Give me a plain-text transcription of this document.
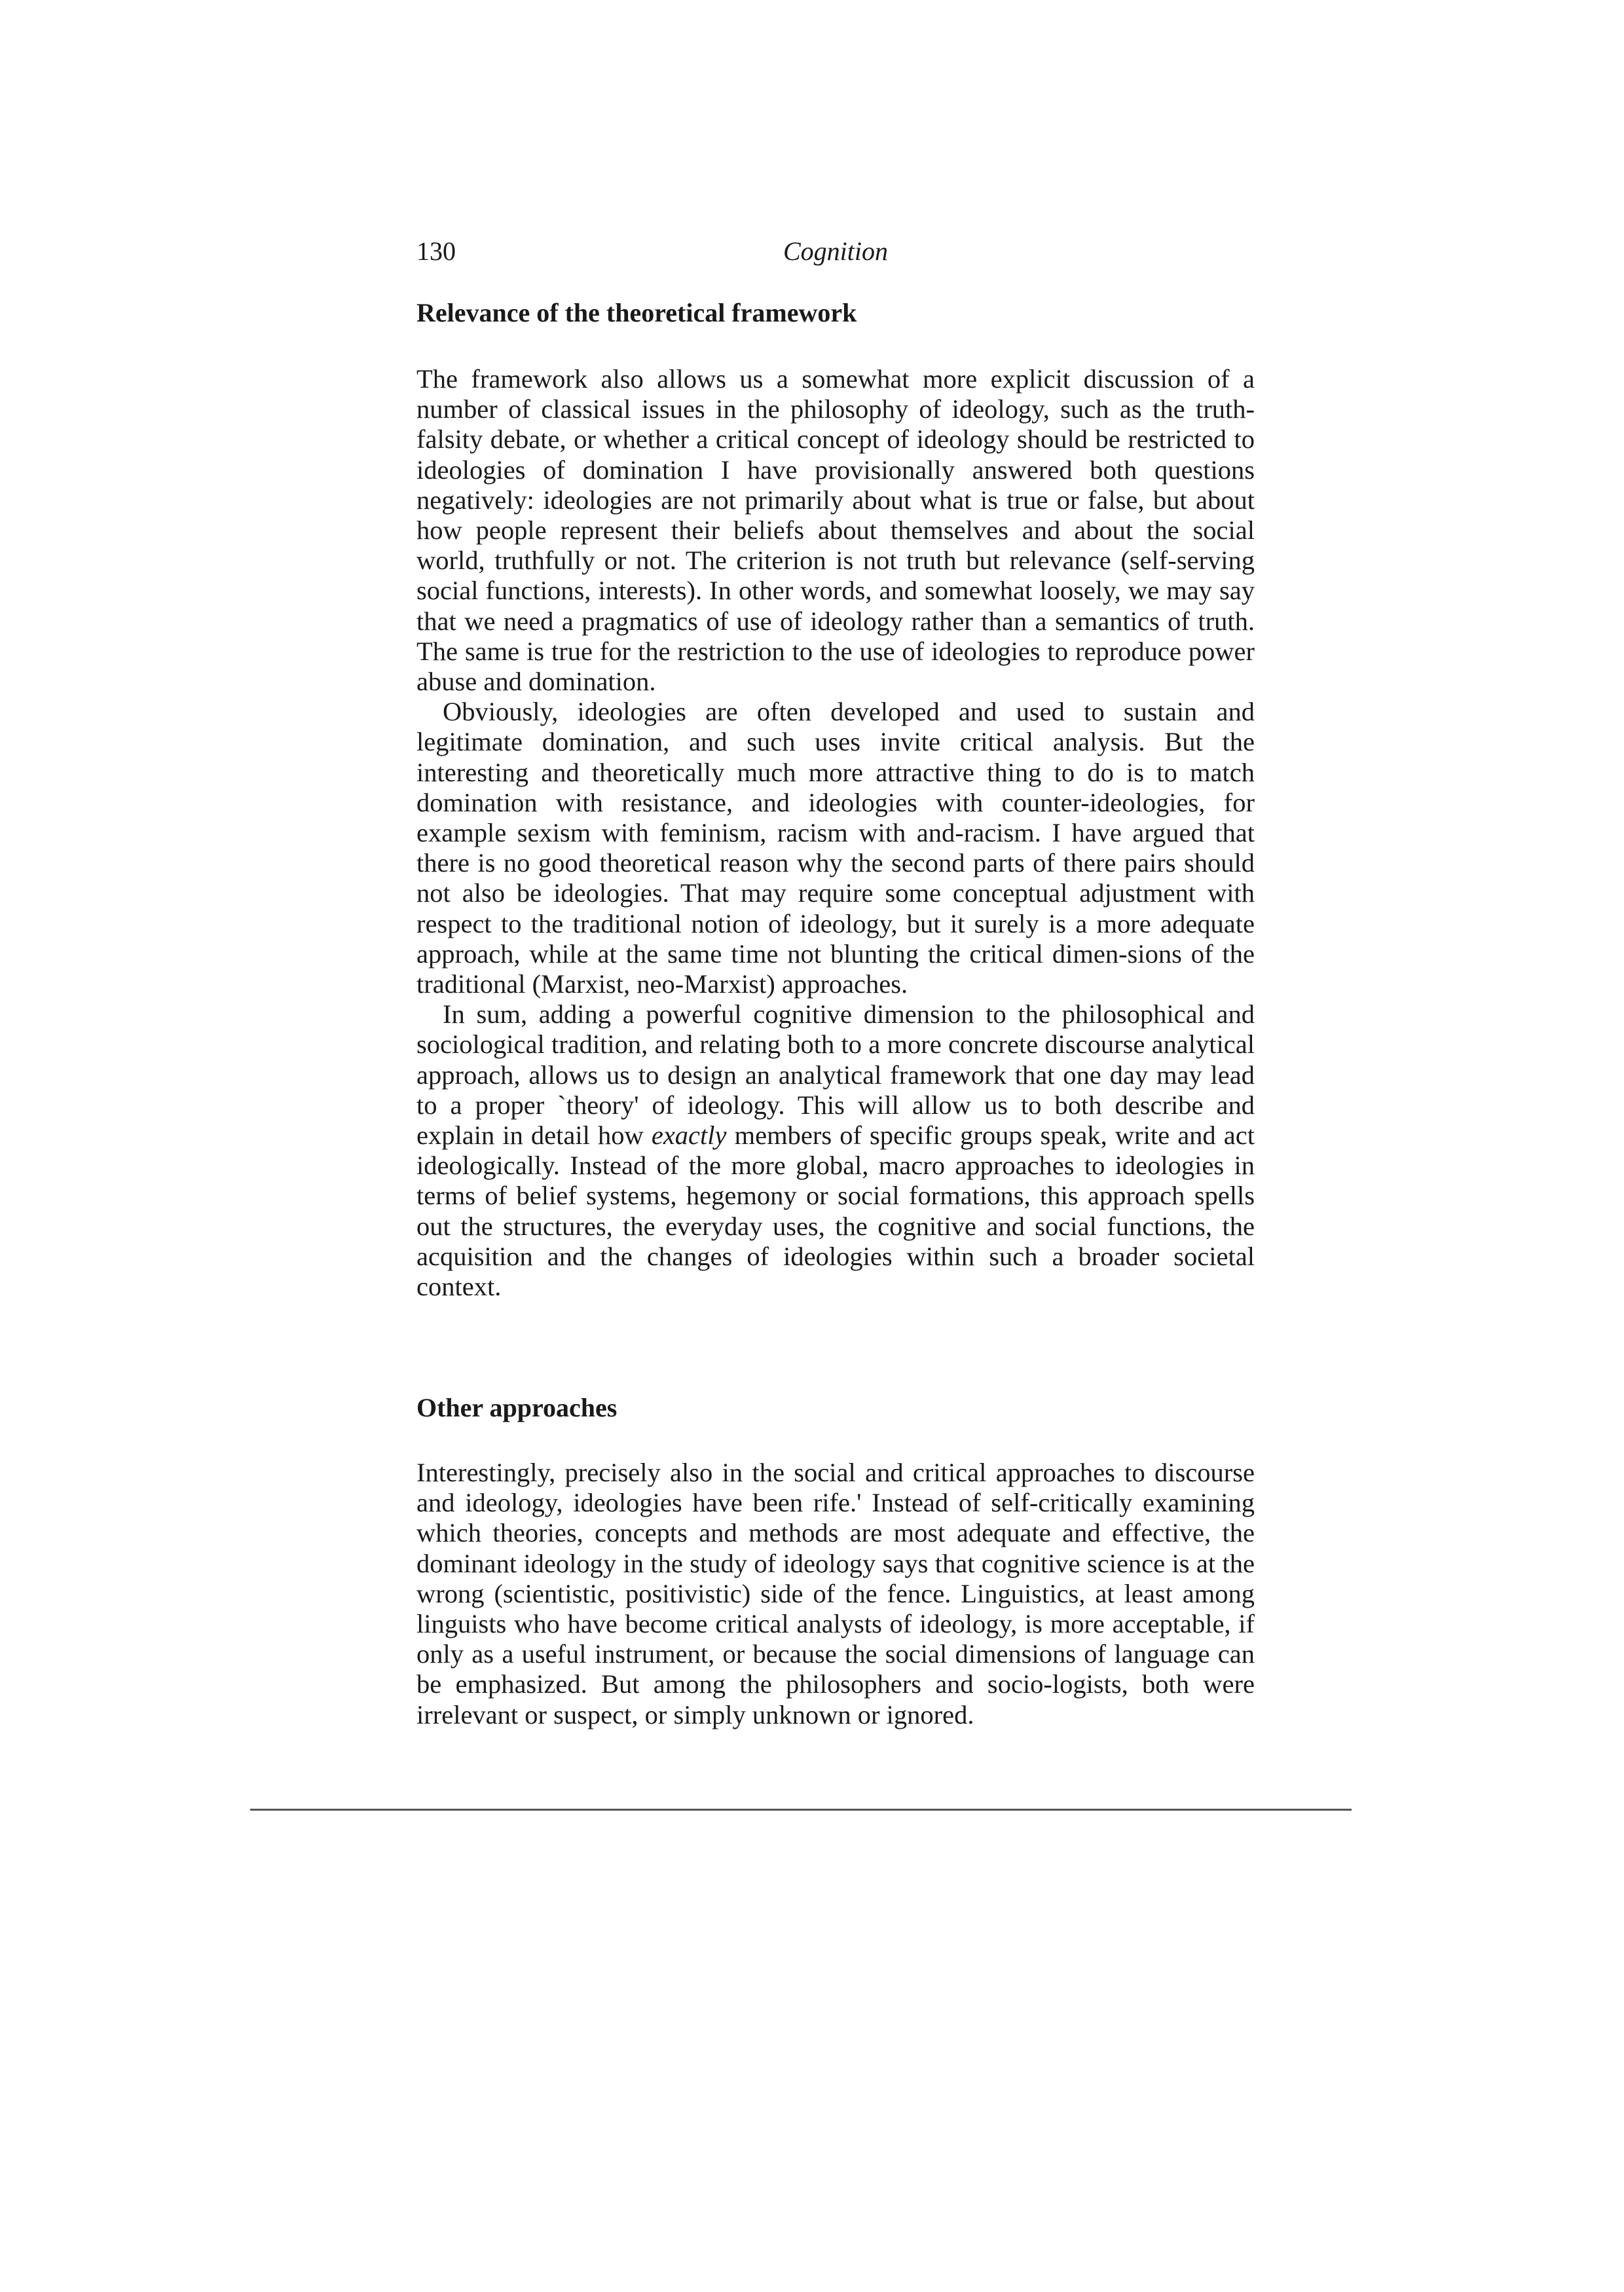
130	Cognition
Relevance of the theoretical framework

The framework also allows us a somewhat more explicit discussion of a number of classical issues in the philosophy of ideology, such as the truth-falsity debate, or whether a critical concept of ideology should be restricted to ideologies of domination I have provisionally answered both questions negatively: ideologies are not primarily about what is true or false, but about how people represent their beliefs about themselves and about the social world, truthfully or not. The criterion is not truth but relevance (self-serving social functions, interests). In other words, and somewhat loosely, we may say that we need a pragmatics of use of ideology rather than a semantics of truth. The same is true for the restriction to the use of ideologies to reproduce power abuse and domination.

Obviously, ideologies are often developed and used to sustain and legitimate domination, and such uses invite critical analysis. But the interesting and theoretically much more attractive thing to do is to match domination with resistance, and ideologies with counter-ideologies, for example sexism with feminism, racism with and-racism. I have argued that there is no good theoretical reason why the second parts of there pairs should not also be ideologies. That may require some conceptual adjustment with respect to the traditional notion of ideology, but it surely is a more adequate approach, while at the same time not blunting the critical dimen-sions of the traditional (Marxist, neo-Marxist) approaches.

In sum, adding a powerful cognitive dimension to the philosophical and sociological tradition, and relating both to a more concrete discourse analytical approach, allows us to design an analytical framework that one day may lead to a proper `theory' of ideology. This will allow us to both describe and explain in detail how exactly members of specific groups speak, write and act ideologically. Instead of the more global, macro approaches to ideologies in terms of belief systems, hegemony or social formations, this approach spells out the structures, the everyday uses, the cognitive and social functions, the acquisition and the changes of ideologies within such a broader societal context.

Other approaches

Interestingly, precisely also in the social and critical approaches to discourse and ideology, ideologies have been rife.' Instead of self-critically examining which theories, concepts and methods are most adequate and effective, the dominant ideology in the study of ideology says that cognitive science is at the wrong (scientistic, positivistic) side of the fence. Linguistics, at least among linguists who have become critical analysts of ideology, is more acceptable, if only as a useful instrument, or because the social dimensions of language can be emphasized. But among the philosophers and socio-logists, both were irrelevant or suspect, or simply unknown or ignored.
